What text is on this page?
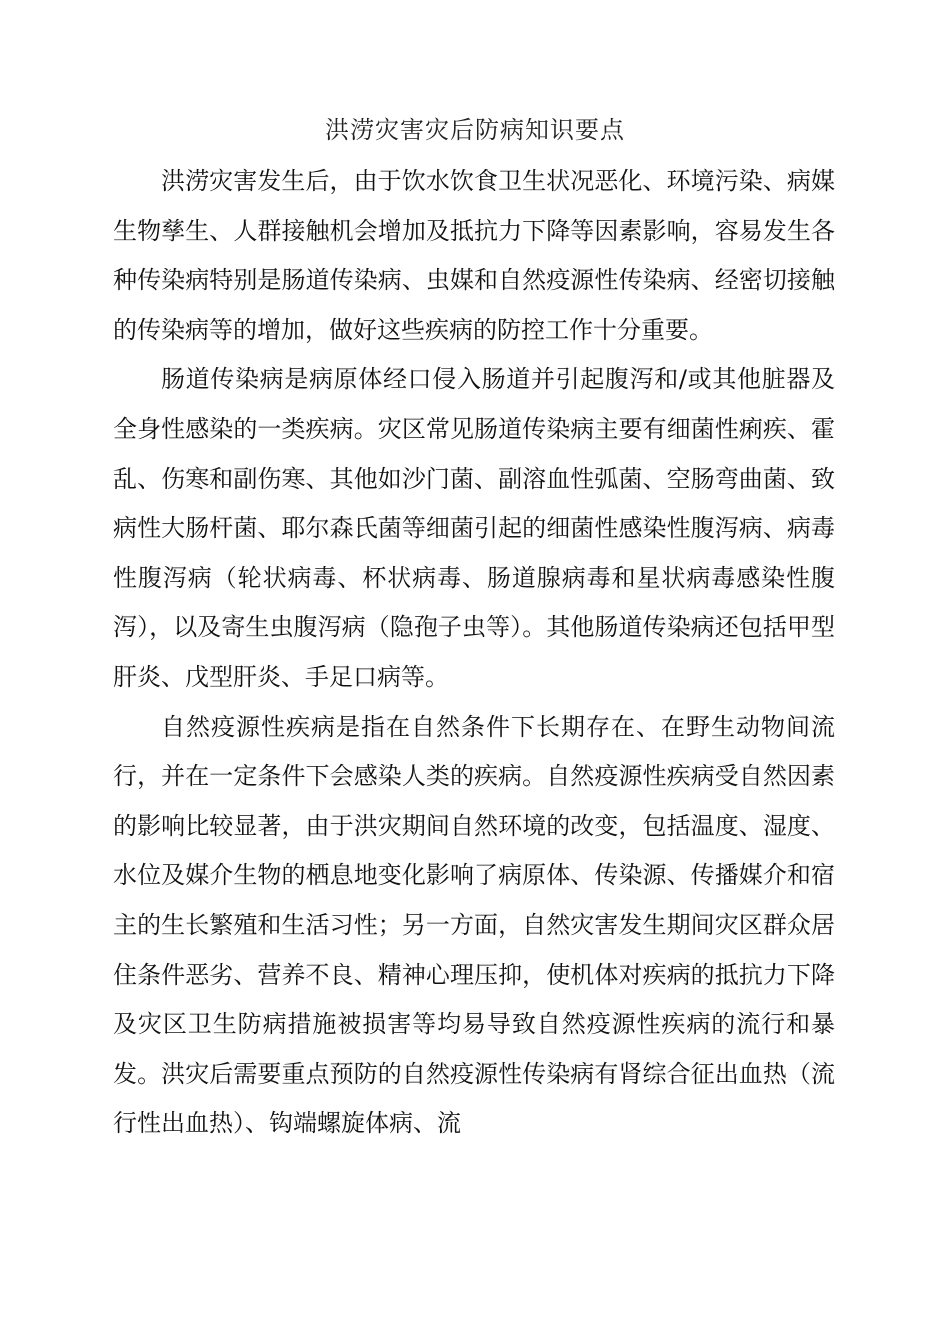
洪涝灾害灾后防病知识要点

洪涝灾害发生后，由于饮水饮食卫生状况恶化、环境污染、病媒生物孳生、人群接触机会增加及抵抗力下降等因素影响，容易发生各种传染病特别是肠道传染病、虫媒和自然疫源性传染病、经密切接触的传染病等的增加，做好这些疾病的防控工作十分重要。

肠道传染病是病原体经口侵入肠道并引起腹泻和/或其他脏器及全身性感染的一类疾病。灾区常见肠道传染病主要有细菌性痢疾、霍乱、伤寒和副伤寒、其他如沙门菌、副溶血性弧菌、空肠弯曲菌、致病性大肠杆菌、耶尔森氏菌等细菌引起的细菌性感染性腹泻病、病毒性腹泻病（轮状病毒、杯状病毒、肠道腺病毒和星状病毒感染性腹泻），以及寄生虫腹泻病（隐孢子虫等）。其他肠道传染病还包括甲型肝炎、戊型肝炎、手足口病等。

自然疫源性疾病是指在自然条件下长期存在、在野生动物间流行，并在一定条件下会感染人类的疾病。自然疫源性疾病受自然因素的影响比较显著，由于洪灾期间自然环境的改变，包括温度、湿度、水位及媒介生物的栖息地变化影响了病原体、传染源、传播媒介和宿主的生长繁殖和生活习性；另一方面，自然灾害发生期间灾区群众居住条件恶劣、营养不良、精神心理压抑，使机体对疾病的抵抗力下降及灾区卫生防病措施被损害等均易导致自然疫源性疾病的流行和暴发。洪灾后需要重点预防的自然疫源性传染病有肾综合征出血热（流行性出血热）、钩端螺旋体病、流
